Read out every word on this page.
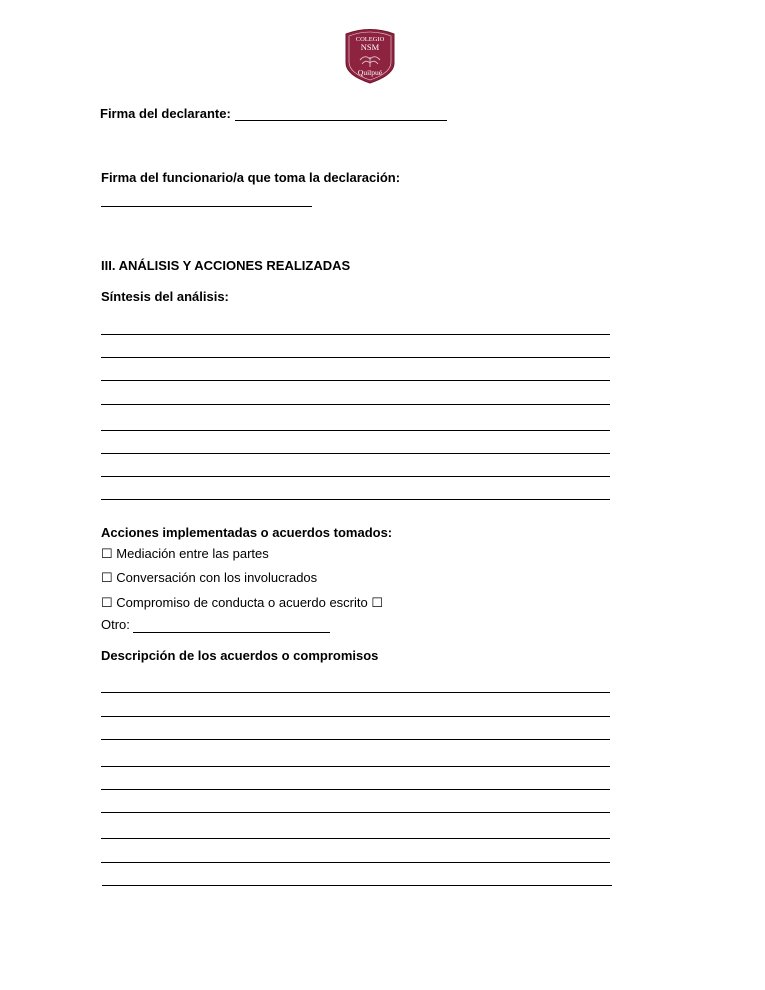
COLEGIO
NSM
Quilpué
Firma del declarante:
Firma del funcionario/a que toma la declaración:
III. ANÁLISIS Y ACCIONES REALIZADAS
Síntesis del análisis:
Acciones implementadas o acuerdos tomados:
☐ Mediación entre las partes
☐ Conversación con los involucrados
☐ Compromiso de conducta o acuerdo escrito ☐
Otro:
Descripción de los acuerdos o compromisos
